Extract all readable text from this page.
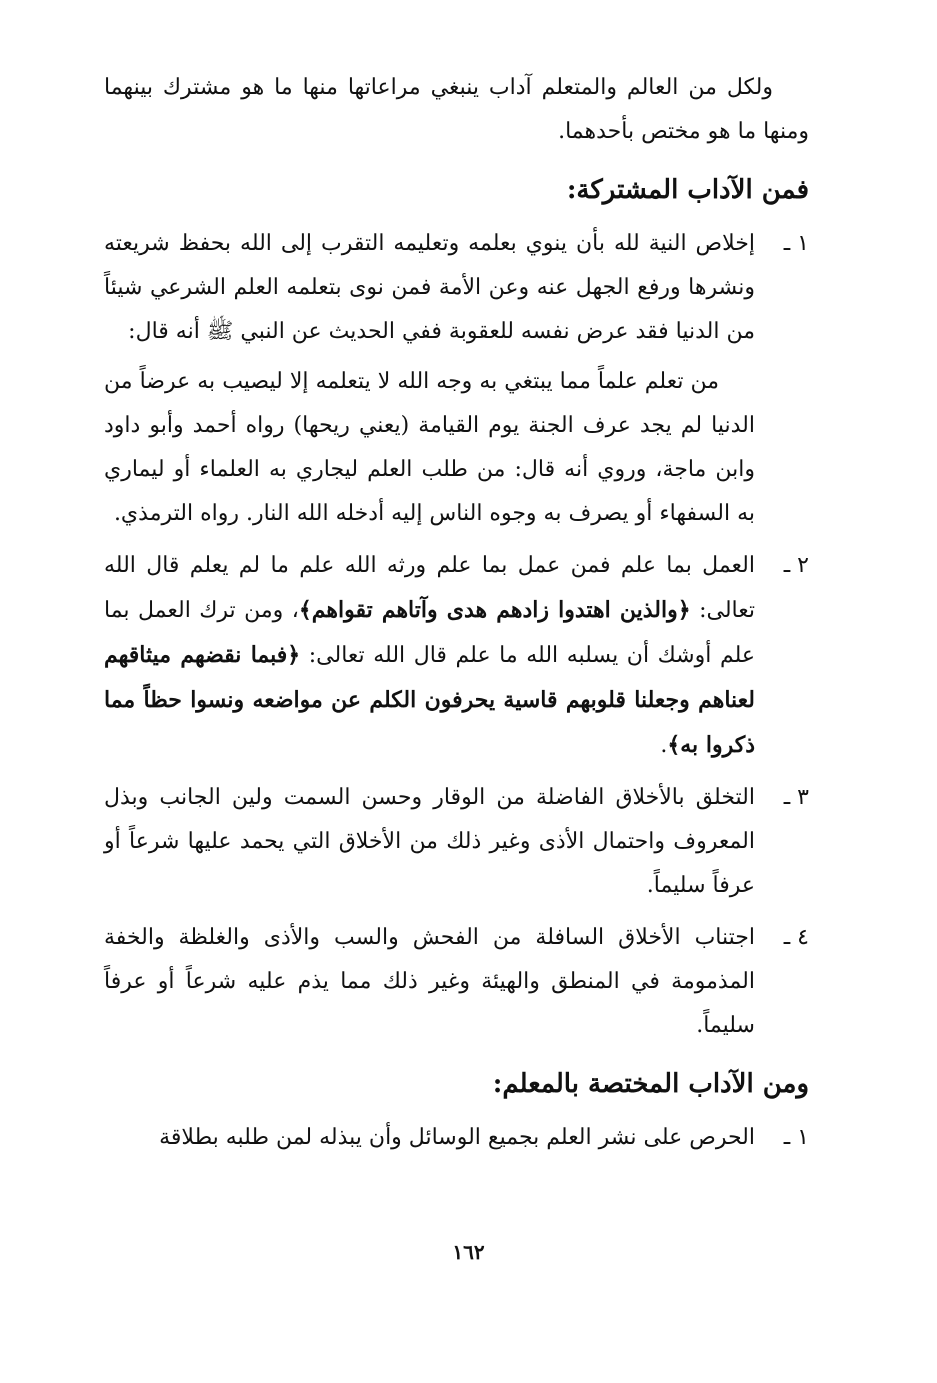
ولكل من العالم والمتعلم آداب ينبغي مراعاتها منها ما هو مشترك بينهما ومنها ما هو مختص بأحدهما.

فمن الآداب المشتركة:

١ ـ

إخلاص النية لله بأن ينوي بعلمه وتعليمه التقرب إلى الله بحفظ شريعته ونشرها ورفع الجهل عنه وعن الأمة فمن نوى بتعلمه العلم الشرعي شيئاً من الدنيا فقد عرض نفسه للعقوبة ففي الحديث عن النبي ﷺ أنه قال:

من تعلم علماً مما يبتغي به وجه الله لا يتعلمه إلا ليصيب به عرضاً من الدنيا لم يجد عرف الجنة يوم القيامة (يعني ريحها) رواه أحمد وأبو داود وابن ماجة، وروي أنه قال: من طلب العلم ليجاري به العلماء أو ليماري به السفهاء أو يصرف به وجوه الناس إليه أدخله الله النار. رواه الترمذي.

٢ ـ

العمل بما علم فمن عمل بما علم ورثه الله علم ما لم يعلم قال الله تعالى: ﴿والذين اهتدوا زادهم هدى وآتاهم تقواهم﴾، ومن ترك العمل بما علم أوشك أن يسلبه الله ما علم قال الله تعالى: ﴿فبما نقضهم ميثاقهم لعناهم وجعلنا قلوبهم قاسية يحرفون الكلم عن مواضعه ونسوا حظاً مما ذكروا به﴾.

٣ ـ

التخلق بالأخلاق الفاضلة من الوقار وحسن السمت ولين الجانب وبذل المعروف واحتمال الأذى وغير ذلك من الأخلاق التي يحمد عليها شرعاً أو عرفاً سليماً.

٤ ـ

اجتناب الأخلاق السافلة من الفحش والسب والأذى والغلظة والخفة المذمومة في المنطق والهيئة وغير ذلك مما يذم عليه شرعاً أو عرفاً سليماً.

ومن الآداب المختصة بالمعلم:

١ ـ

الحرص على نشر العلم بجميع الوسائل وأن يبذله لمن طلبه بطلاقة

١٦٢
